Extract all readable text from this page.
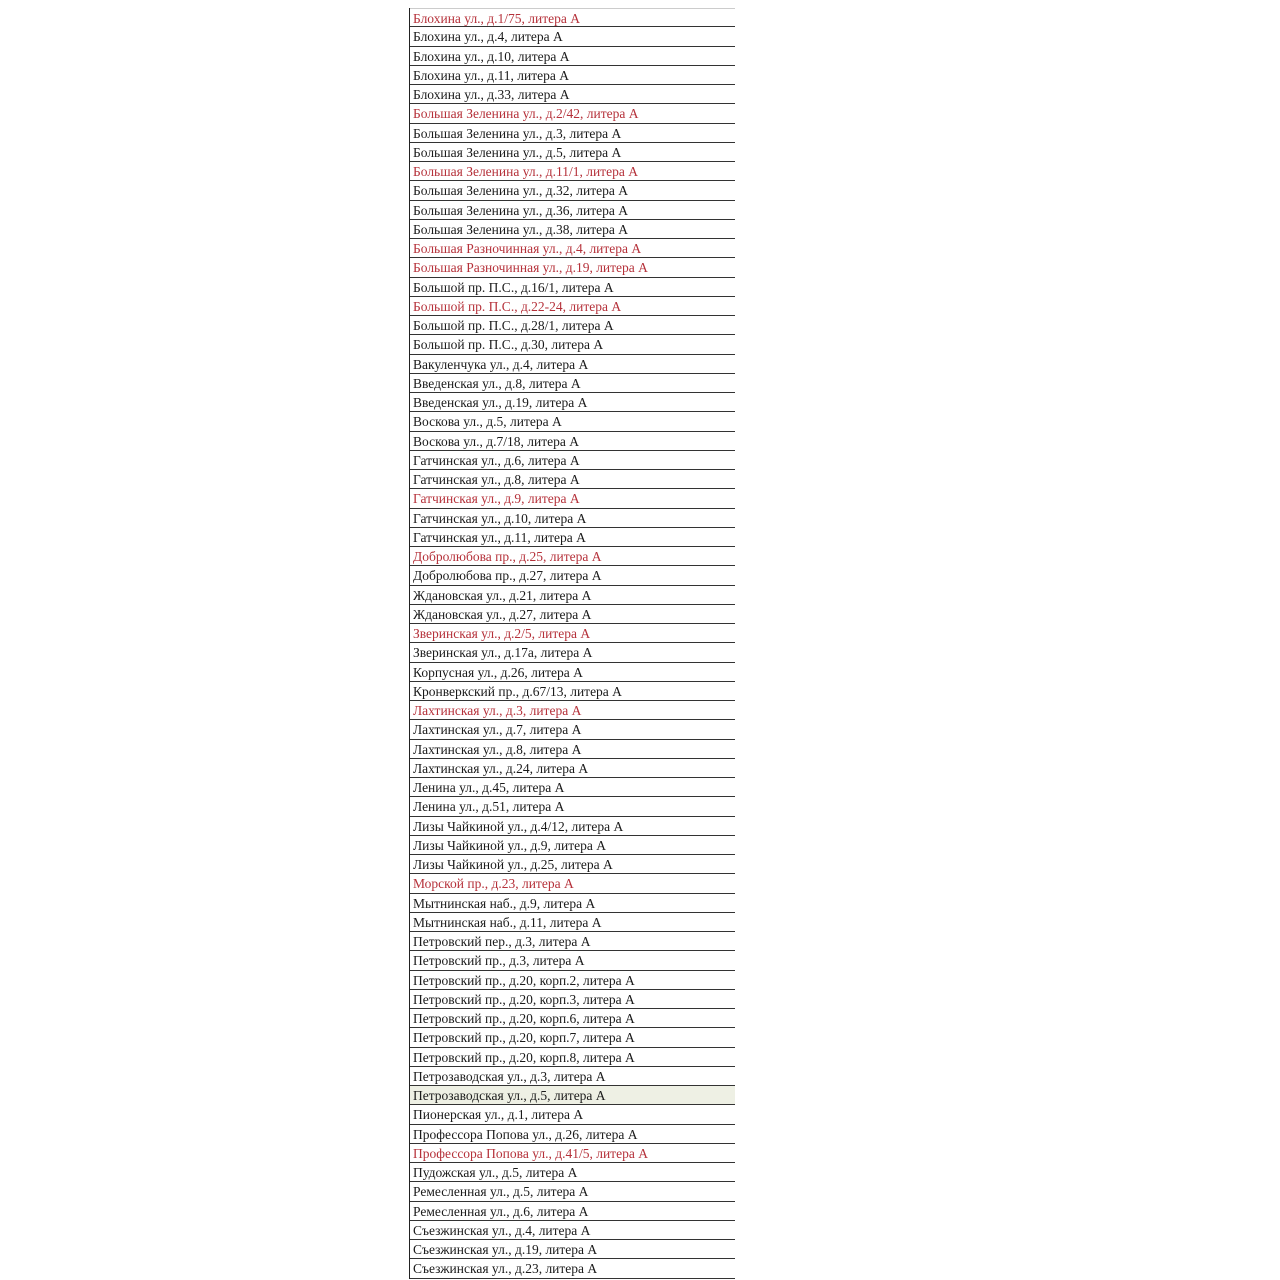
Блохина ул., д.1/75, литера А
Блохина ул., д.4, литера А
Блохина ул., д.10, литера А
Блохина ул., д.11, литера А
Блохина ул., д.33, литера А
Большая Зеленина ул., д.2/42, литера А
Большая Зеленина ул., д.3, литера А
Большая Зеленина ул., д.5, литера А
Большая Зеленина ул., д.11/1, литера А
Большая Зеленина ул., д.32, литера А
Большая Зеленина ул., д.36, литера А
Большая Зеленина ул., д.38, литера А
Большая Разночинная ул., д.4, литера А
Большая Разночинная ул., д.19, литера А
Большой пр. П.С., д.16/1, литера А
Большой пр. П.С., д.22-24, литера А
Большой пр. П.С., д.28/1, литера А
Большой пр. П.С., д.30, литера А
Вакуленчука ул., д.4, литера А
Введенская ул., д.8, литера А
Введенская ул., д.19, литера А
Воскова ул., д.5, литера А
Воскова ул., д.7/18, литера А
Гатчинская ул., д.6, литера А
Гатчинская ул., д.8, литера А
Гатчинская ул., д.9, литера А
Гатчинская ул., д.10, литера А
Гатчинская ул., д.11, литера А
Добролюбова пр., д.25, литера А
Добролюбова пр., д.27, литера А
Ждановская ул., д.21, литера А
Ждановская ул., д.27, литера А
Зверинская ул., д.2/5, литера А
Зверинская ул., д.17а, литера А
Корпусная ул., д.26, литера А
Кронверкский пр., д.67/13, литера А
Лахтинская ул., д.3, литера А
Лахтинская ул., д.7, литера А
Лахтинская ул., д.8, литера А
Лахтинская ул., д.24, литера А
Ленина ул., д.45, литера А
Ленина ул., д.51, литера А
Лизы Чайкиной ул., д.4/12, литера А
Лизы Чайкиной ул., д.9, литера А
Лизы Чайкиной ул., д.25, литера А
Морской пр., д.23, литера А
Мытнинская наб., д.9, литера А
Мытнинская наб., д.11, литера А
Петровский пер., д.3, литера А
Петровский пр., д.3, литера А
Петровский пр., д.20, корп.2, литера А
Петровский пр., д.20, корп.3, литера А
Петровский пр., д.20, корп.6, литера А
Петровский пр., д.20, корп.7, литера А
Петровский пр., д.20, корп.8, литера А
Петрозаводская ул., д.3, литера А
Петрозаводская ул., д.5, литера А
Пионерская ул., д.1, литера А
Профессора Попова ул., д.26, литера А
Профессора Попова ул., д.41/5, литера А
Пудожская ул., д.5, литера А
Ремесленная ул., д.5, литера А
Ремесленная ул., д.6, литера А
Съезжинская ул., д.4, литера А
Съезжинская ул., д.19, литера А
Съезжинская ул., д.23, литера А
